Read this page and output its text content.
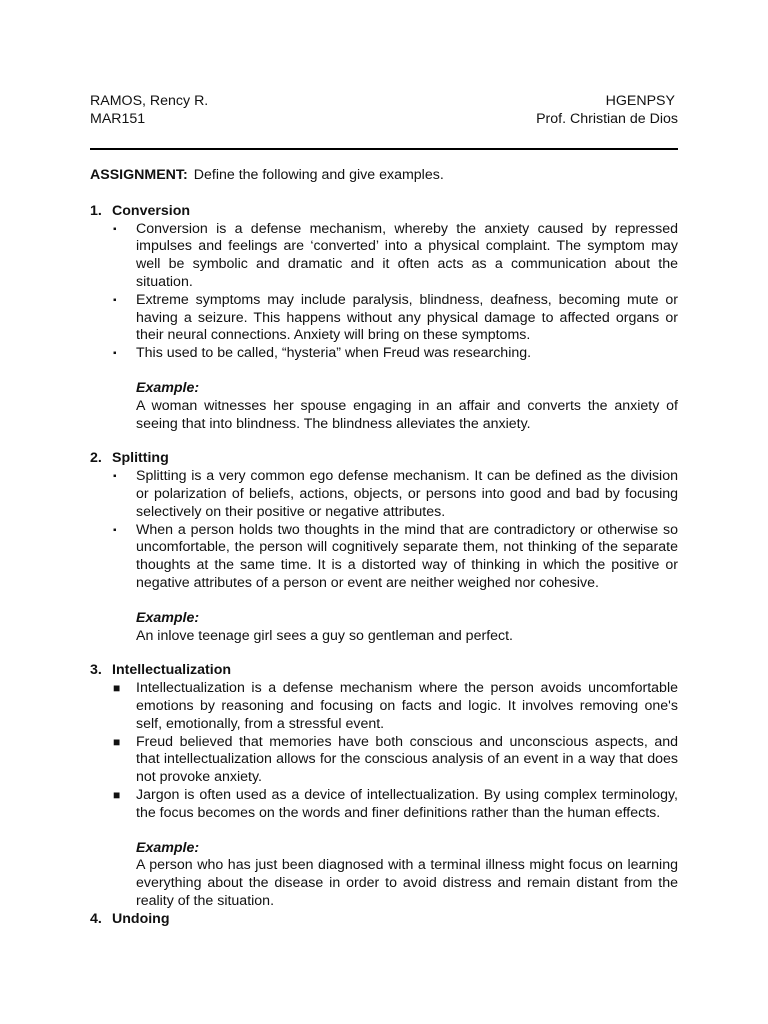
RAMOS, Rency R.	HGENPSY
MAR151	Prof. Christian de Dios
ASSIGNMENT: Define the following and give examples.
1. Conversion
▪ Conversion is a defense mechanism, whereby the anxiety caused by repressed impulses and feelings are ‘converted’ into a physical complaint. The symptom may well be symbolic and dramatic and it often acts as a communication about the situation.
▪ Extreme symptoms may include paralysis, blindness, deafness, becoming mute or having a seizure. This happens without any physical damage to affected organs or their neural connections. Anxiety will bring on these symptoms.
▪ This used to be called, “hysteria” when Freud was researching.
Example:
A woman witnesses her spouse engaging in an affair and converts the anxiety of seeing that into blindness. The blindness alleviates the anxiety.
2. Splitting
▪ Splitting is a very common ego defense mechanism. It can be defined as the division or polarization of beliefs, actions, objects, or persons into good and bad by focusing selectively on their positive or negative attributes.
▪ When a person holds two thoughts in the mind that are contradictory or otherwise so uncomfortable, the person will cognitively separate them, not thinking of the separate thoughts at the same time. It is a distorted way of thinking in which the positive or negative attributes of a person or event are neither weighed nor cohesive.
Example:
An inlove teenage girl sees a guy so gentleman and perfect.
3. Intellectualization
■ Intellectualization is a defense mechanism where the person avoids uncomfortable emotions by reasoning and focusing on facts and logic. It involves removing one's self, emotionally, from a stressful event.
■ Freud believed that memories have both conscious and unconscious aspects, and that intellectualization allows for the conscious analysis of an event in a way that does not provoke anxiety.
■ Jargon is often used as a device of intellectualization. By using complex terminology, the focus becomes on the words and finer definitions rather than the human effects.
Example:
A person who has just been diagnosed with a terminal illness might focus on learning everything about the disease in order to avoid distress and remain distant from the reality of the situation.
4. Undoing
